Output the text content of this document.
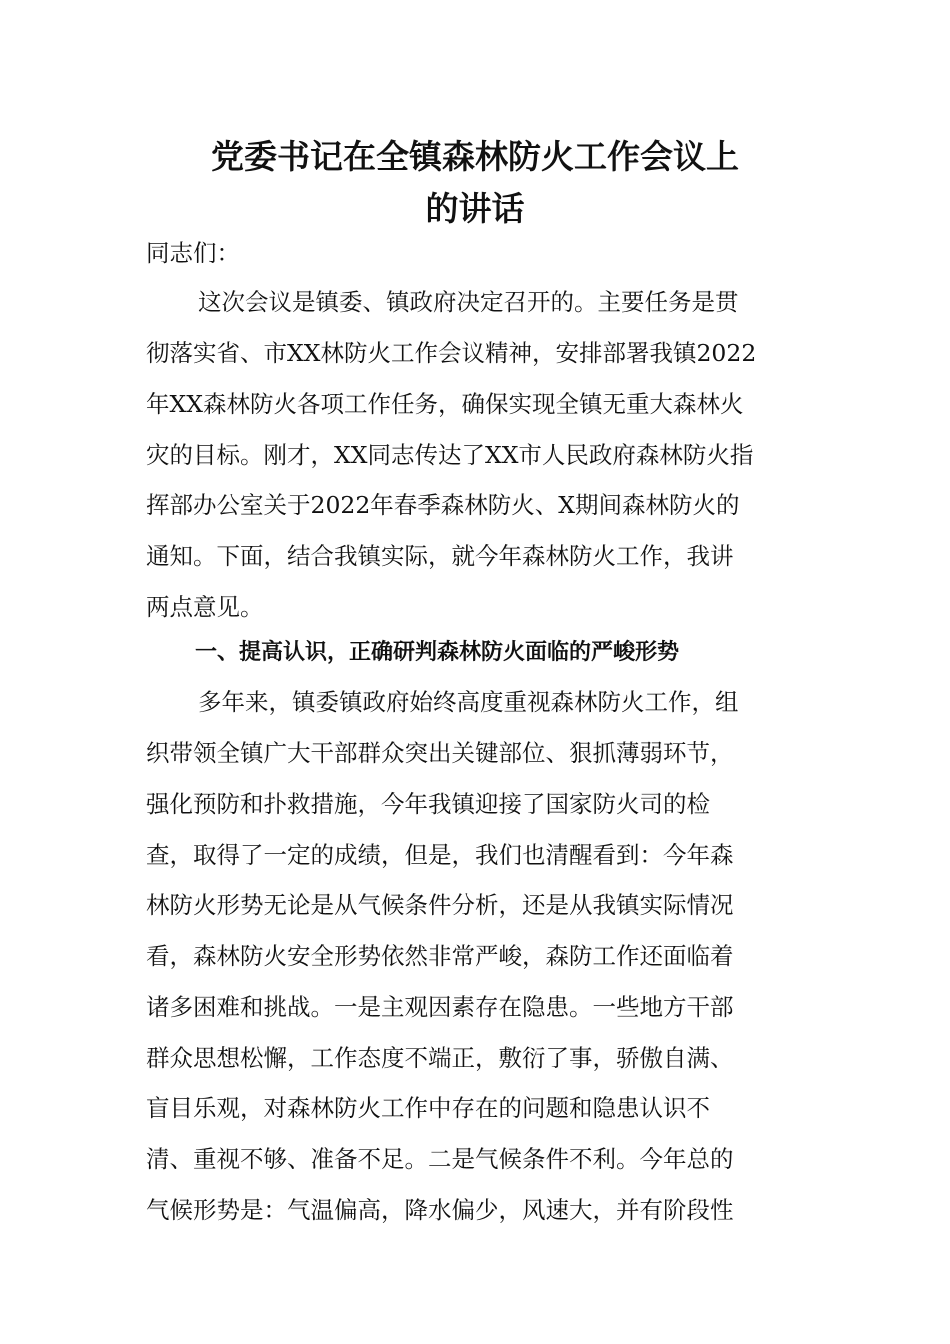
党委书记在全镇森林防火工作会议上
的讲话
同志们：
这次会议是镇委、镇政府决定召开的。主要任务是贯
彻落实省、市XX林防火工作会议精神，安排部署我镇2022
年XX森林防火各项工作任务，确保实现全镇无重大森林火
灾的目标。刚才，XX同志传达了XX市人民政府森林防火指
挥部办公室关于2022年春季森林防火、X期间森林防火的
通知。下面，结合我镇实际，就今年森林防火工作，我讲
两点意见。
一、提高认识，正确研判森林防火面临的严峻形势
多年来，镇委镇政府始终高度重视森林防火工作，组
织带领全镇广大干部群众突出关键部位、狠抓薄弱环节，
强化预防和扑救措施，今年我镇迎接了国家防火司的检
查，取得了一定的成绩，但是，我们也清醒看到：今年森
林防火形势无论是从气候条件分析，还是从我镇实际情况
看，森林防火安全形势依然非常严峻，森防工作还面临着
诸多困难和挑战。一是主观因素存在隐患。一些地方干部
群众思想松懈，工作态度不端正，敷衍了事，骄傲自满、
盲目乐观，对森林防火工作中存在的问题和隐患认识不
清、重视不够、准备不足。二是气候条件不利。今年总的
气候形势是：气温偏高，降水偏少，风速大，并有阶段性
